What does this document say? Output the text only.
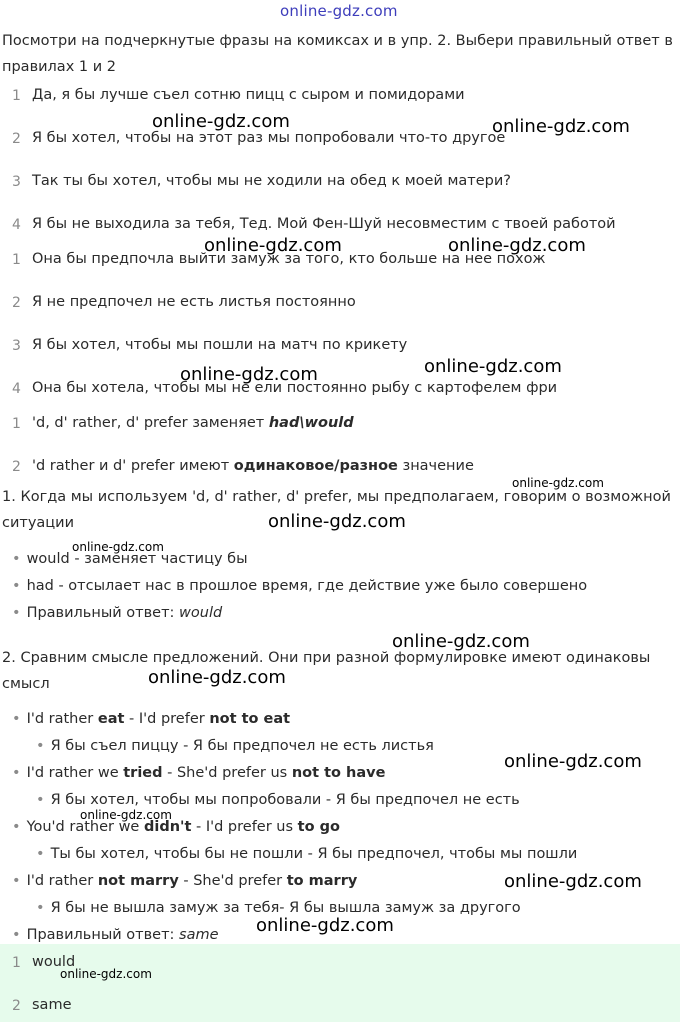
online-gdz.com
Посмотри на подчеркнутые фразы на комиксах и в упр. 2. Выбери правильный ответ в
правилах 1 и 2
1 Да, я бы лучше съел сотню пицц с сыром и помидорами
2 Я бы хотел, чтобы на этот раз мы попробовали что-то другое
3 Так ты бы хотел, чтобы мы не ходили на обед к моей матери?
4 Я бы не выходила за тебя, Тед. Мой Фен-Шуй несовместим с твоей работой
1 Она бы предпочла выйти замуж за того, кто больше на нее похож
2 Я не предпочел не есть листья постоянно
3 Я бы хотел, чтобы мы пошли на матч по крикету
4 Она бы хотела, чтобы мы не ели постоянно рыбу с картофелем фри
1 'd, d' rather, d' prefer заменяет had\would
2 'd rather и d' prefer имеют одинаковое/разное значение
1. Когда мы используем 'd, d' rather, d' prefer, мы предполагаем, говорим о возможной
ситуации
• would - заменяет частицу бы
• had - отсылает нас в прошлое время, где действие уже было совершено
• Правильный ответ: would
2. Сравним смысле предложений. Они при разной формулировке имеют одинаковы
смысл
• I'd rather eat - I'd prefer not to eat
• Я бы съел пиццу - Я бы предпочел не есть листья
• I'd rather we tried - She'd prefer us not to have
• Я бы хотел, чтобы мы попробовали - Я бы предпочел не есть
• You'd rather we didn't - I'd prefer us to go
• Ты бы хотел, чтобы бы не пошли - Я бы предпочел, чтобы мы пошли
• I'd rather not marry - She'd prefer to marry
• Я бы не вышла замуж за тебя- Я бы вышла замуж за другого
• Правильный ответ: same
1 would
2 same
online-gdz.com	online-gdz.com
online-gdz.com	online-gdz.com
online-gdz.com
online-gdz.com
online-gdz.com
online-gdz.com
online-gdz.com
online-gdz.com
online-gdz.com
online-gdz.com
online-gdz.com
online-gdz.com
online-gdz.com
online-gdz.com
